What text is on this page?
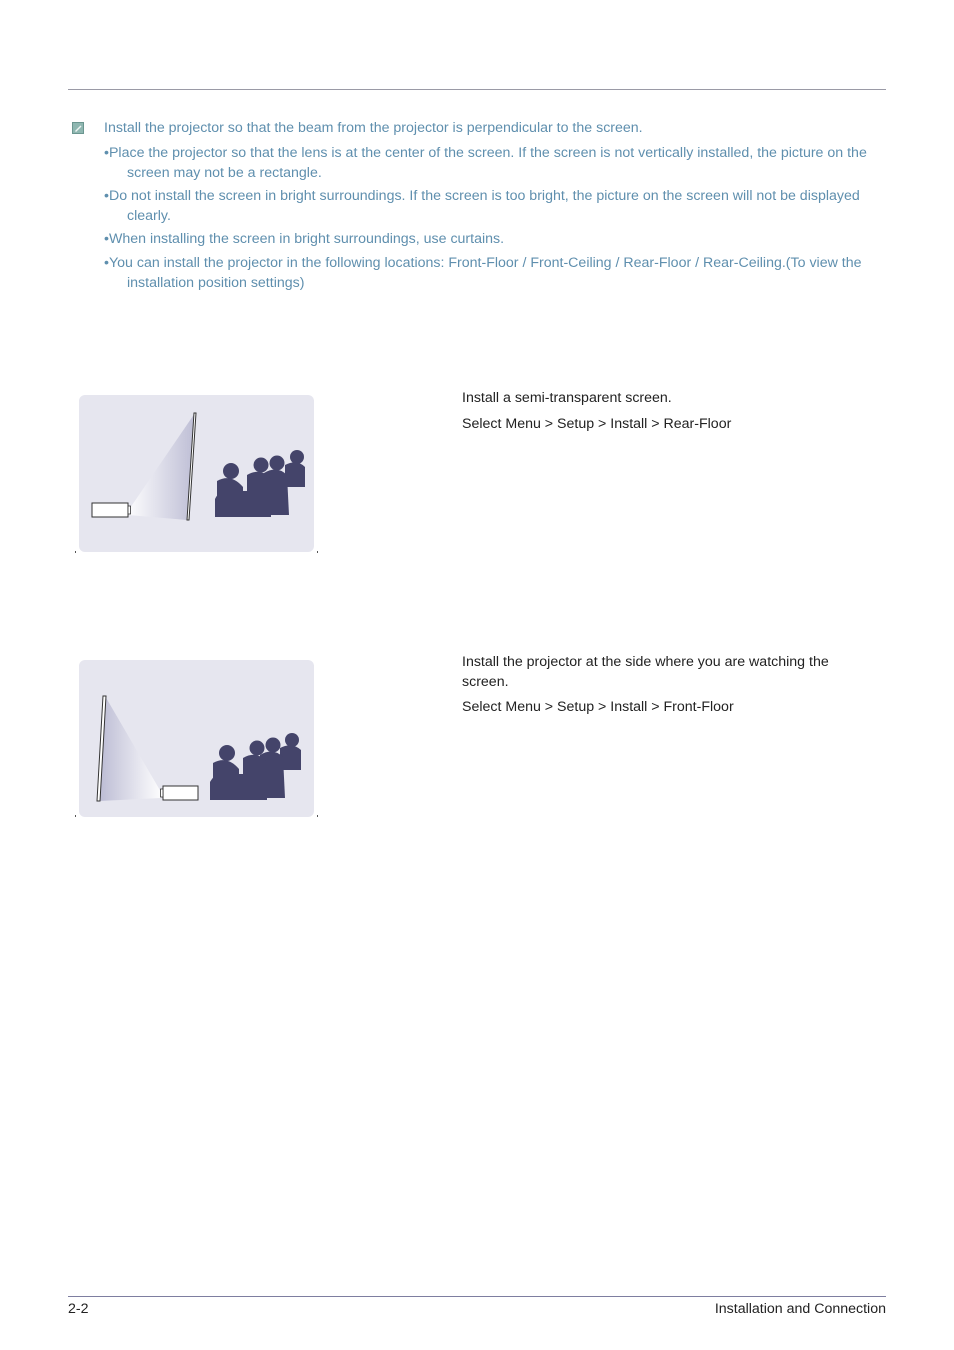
Install the projector so that the beam from the projector is perpendicular to the screen.
•Place the projector so that the lens is at the center of the screen. If the screen is not vertically installed, the picture on the screen may not be a rectangle.
•Do not install the screen in bright surroundings. If the screen is too bright, the picture on the screen will not be displayed clearly.
•When installing the screen in bright surroundings, use curtains.
•You can install the projector in the following locations: Front-Floor / Front-Ceiling / Rear-Floor / Rear-Ceiling.(To view the installation position settings)
Install a semi-transparent screen.
Select Menu > Setup > Install > Rear-Floor
Install the projector at the side where you are watching the screen.
Select Menu > Setup > Install > Front-Floor
2-2	Installation and Connection
